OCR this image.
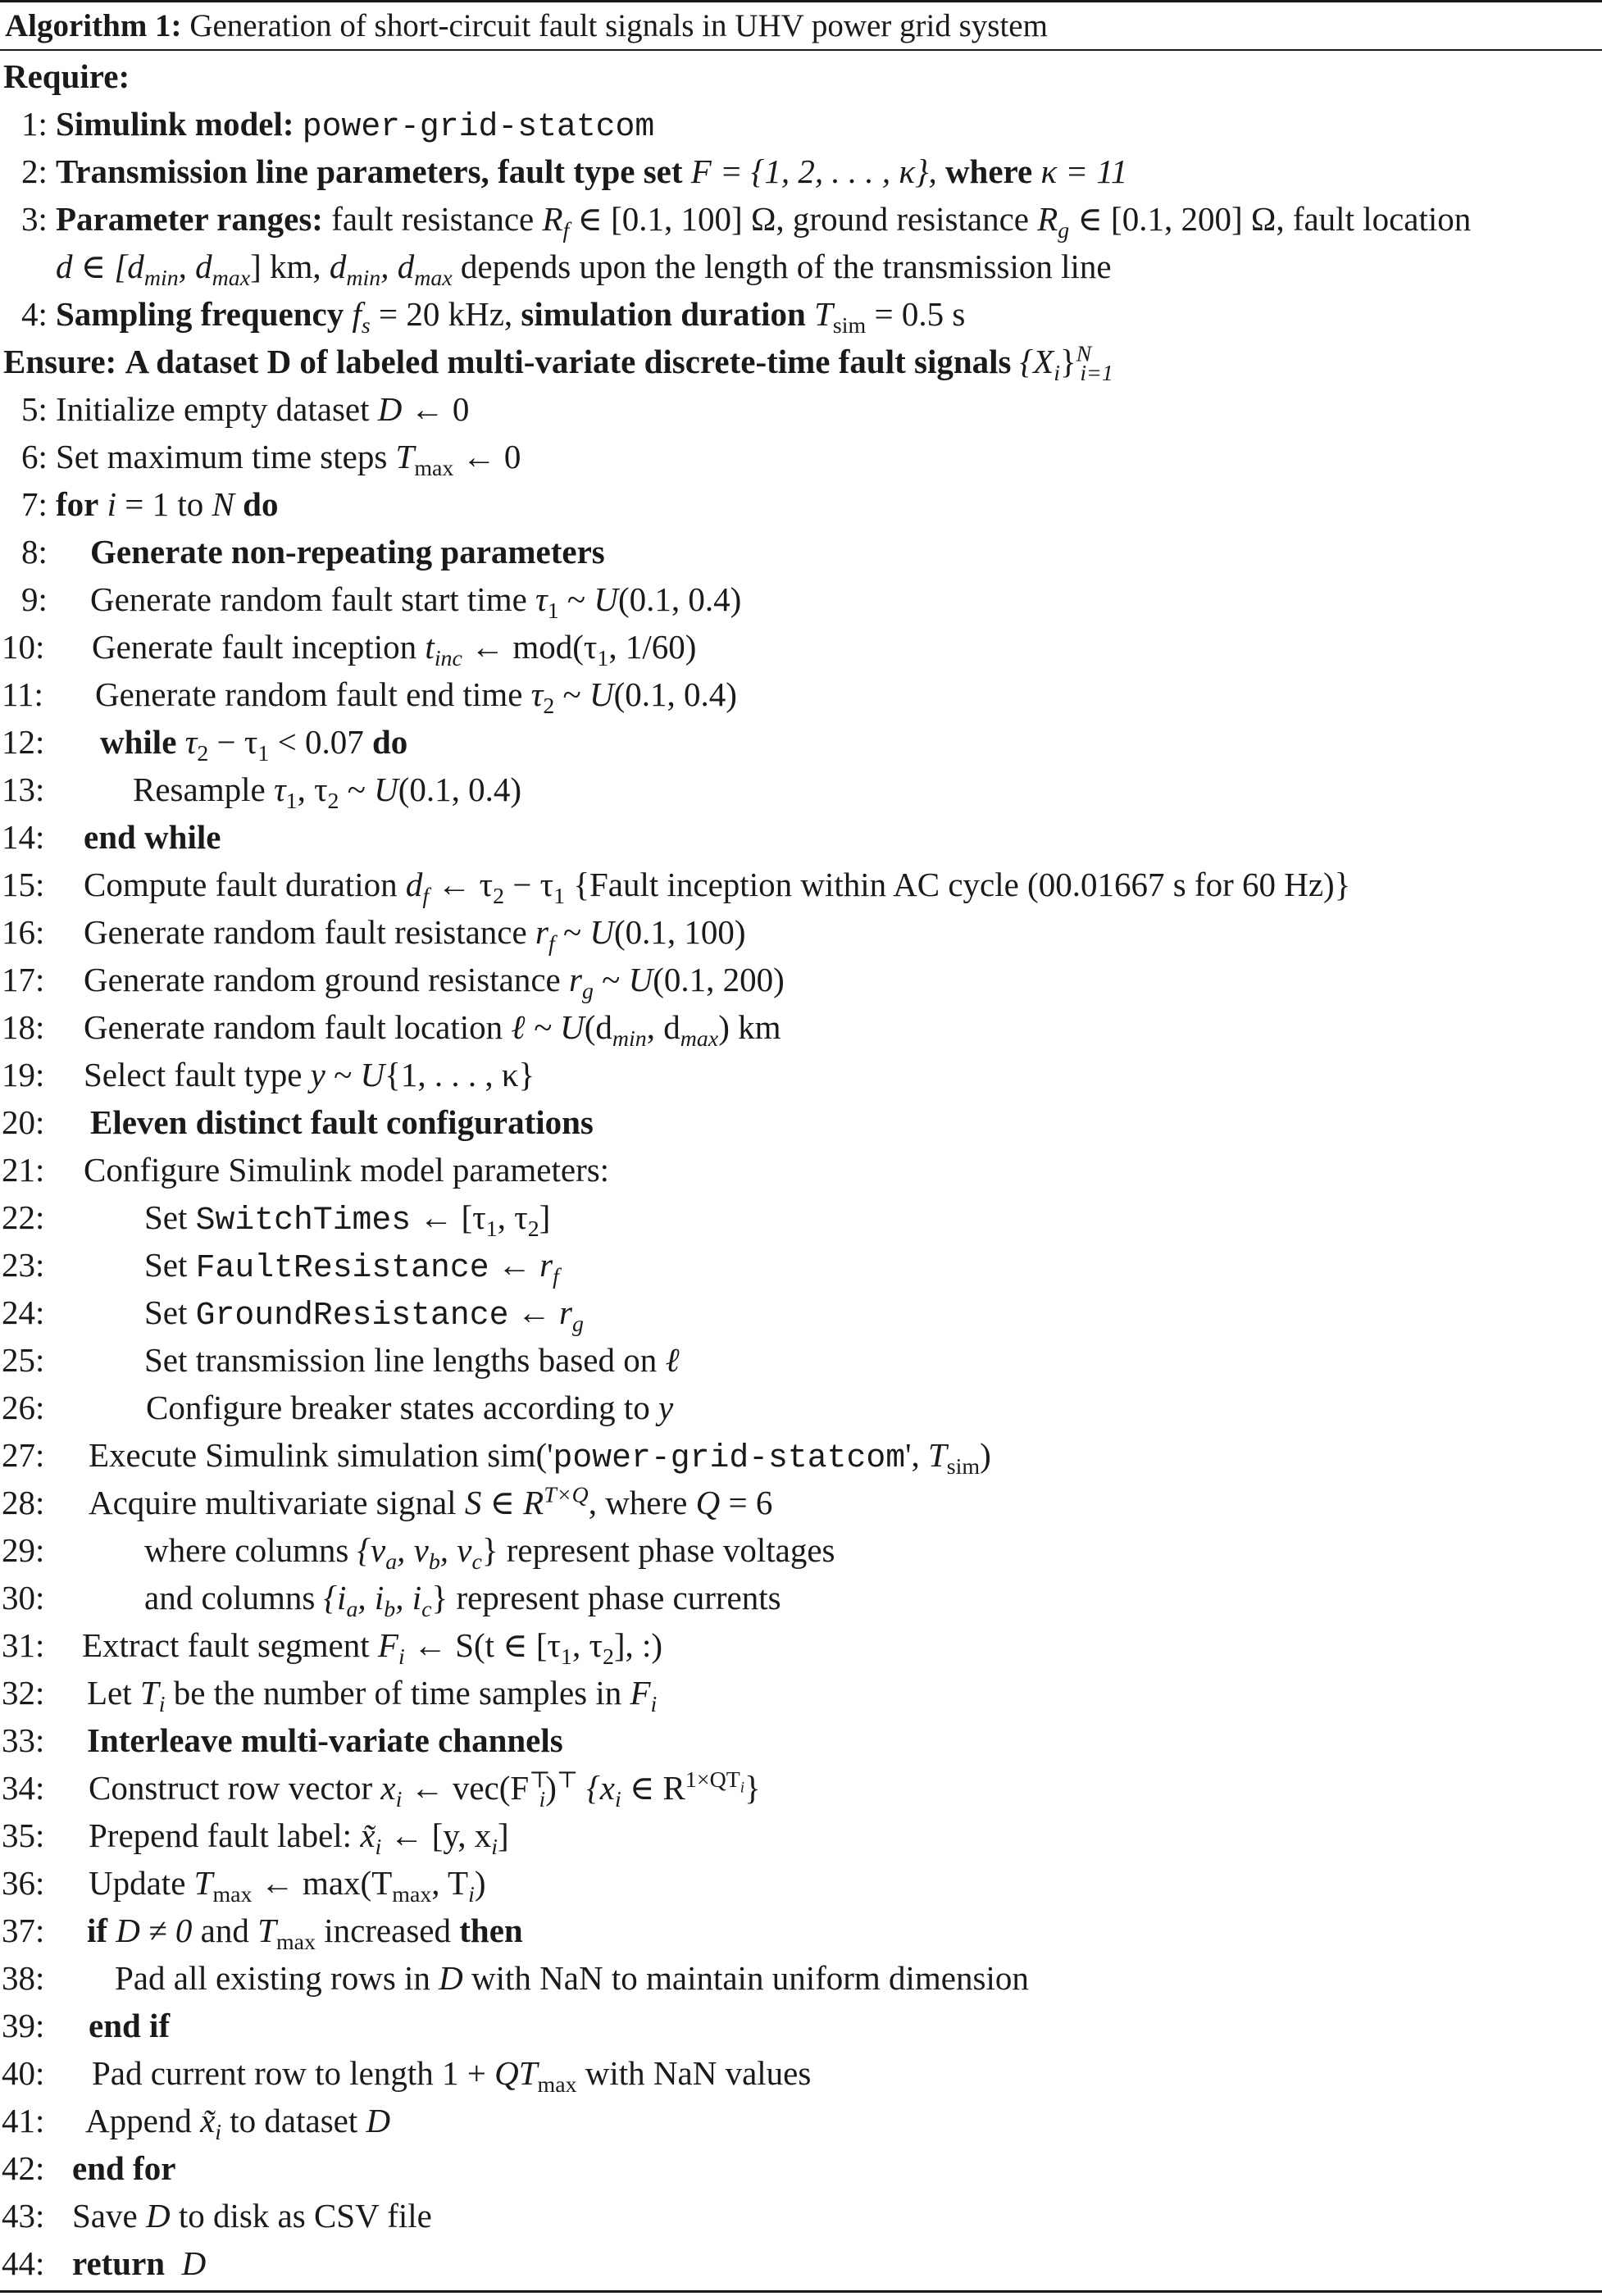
Algorithm 1: Generation of short-circuit fault signals in UHV power grid system
Require:
1: Simulink model: power-grid-statcom
2: Transmission line parameters, fault type set F = {1, 2, . . . , κ}, where κ = 11
3: Parameter ranges: fault resistance $R_f$ ∈ [0.1, 100] Ω, ground resistance $R_g$ ∈ [0.1, 200] Ω, fault location
d ∈ [$d_{min}$, $d_{max}$] km, $d_{min}$, $d_{max}$ depends upon the length of the transmission line
4: Sampling frequency $f_s = 20$ kHz, simulation duration $T_{sim} = 0.5$ s
Ensure: A dataset D of labeled multi-variate discrete-time fault signals $\{X_i\}^N_{i=1}$
5: Initialize empty dataset D ← 0
6: Set maximum time steps $T_{max}$ ← 0
7: for i = 1 to N do
8: Generate non-repeating parameters
9: Generate random fault start time $\tau_1$ ~ U(0.1, 0.4)
10: Generate fault inception $t_{inc}$ ← $mod(\tau_1$, 1/60)
11: Generate random fault end time $\tau_2$ ~ U(0.1, 0.4)
12: while $\tau_2 - \tau_1 < 0.07$ do
13:	Resample $\tau_1$, $\tau_2$ ~ U(0.1, 0.4)
14: end while
15: Compute fault duration $d_f$ ← $\tau_2 - \tau_1$ {Fault inception within AC cycle (00.01667 s for 60 Hz)}
16: Generate random fault resistance $r_f$ ~ U(0.1, 100)
17: Generate random ground resistance $r_g$ ~ U(0.1, 200)
18: Generate random fault location ℓ ~ $U(d_{min}$, $d_{max}$) km
19: Select fault type y ~ U{1, . . . , κ}
20: Eleven distinct fault configurations
21: Configure Simulink model parameters:
22:	Set SwitchTimes ← [$\tau_1$, $\tau_2$]
23:	Set FaultResistance ← $r_f$
24:	Set GroundResistance ← $r_g$
25:	Set transmission line lengths based on ℓ
26:	Configure breaker states according to y
27: Execute Simulink simulation sim('power-grid-statcom', $T_{sim}$)
28: Acquire multivariate signal S ∈ $R^{T\times Q}$, where Q = 6
29:	where columns {$v_a$, $v_b$, $v_c$} represent phase voltages
30:	and columns {$i_a$, $i_b$, $i_c$} represent phase currents
31: Extract fault segment $F_i$ ← S(t ∈ [$\tau_1$, $\tau_2$], :)
32: Let $T_i$ be the number of time samples in $F_i$
33: Interleave multi-variate channels
34: Construct row vector $x_i$ ← $vec(F^⊤_i)^⊤$ {$x_i$ ∈ $R^{1\times QT_i}$}
35: Prepend fault label: $x̃_i$ ← [y, $x_i$]
36: Update $T_{max}$ ← $\max(T_{max}$, $T_i$)
37: if D ≠ 0 and $T_{max}$ increased then
38: Pad all existing rows in D with NaN to maintain uniform dimension
39: end if
40: Pad current row to length $1 + QT_{max}$ with NaN values
41: Append $x̃_i$ to dataset D
42: end for
43: Save D to disk as CSV file
44: return D
